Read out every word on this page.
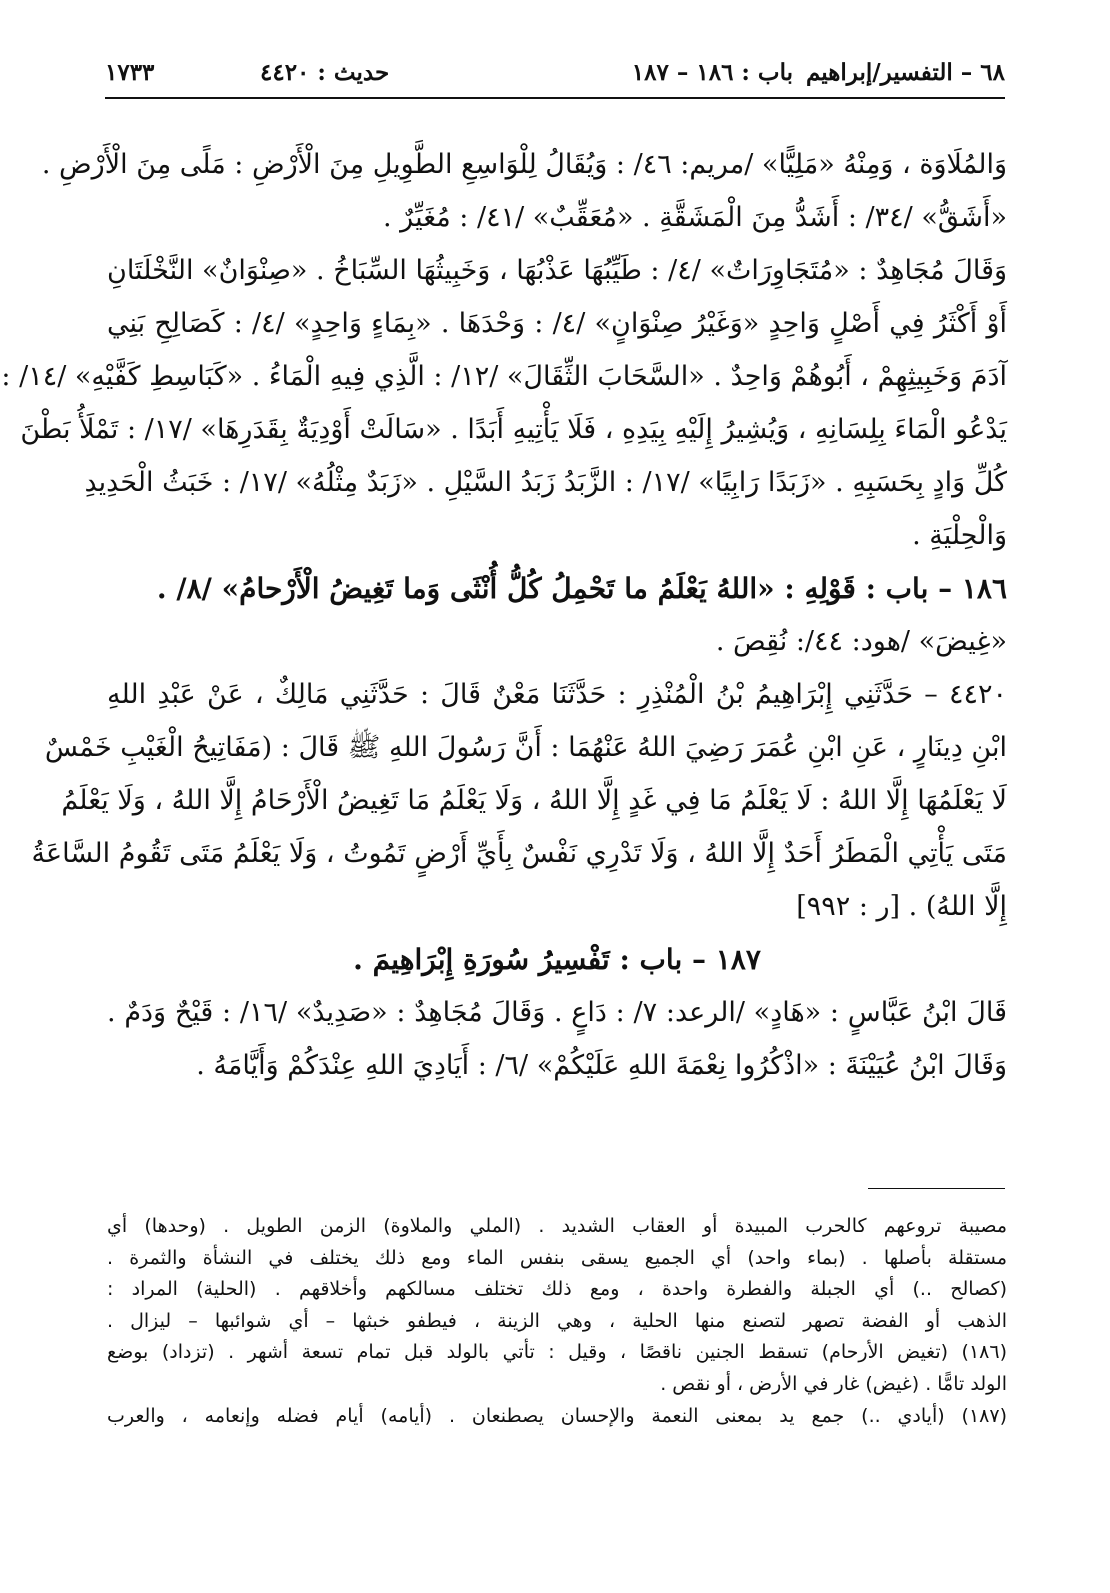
٦٨ – التفسير/إبراهيم
باب : ١٨٦ – ١٨٧
حديث : ٤٤٢٠
١٧٣٣
وَالمُلَاوَة ، وَمِنْهُ «مَلِيًّا» /مريم: ٤٦/ : وَيُقَالُ لِلْوَاسِعِ الطَّوِيلِ مِنَ الْأَرْضِ : مَلًى مِنَ الْأَرْضِ .
«أَشَقُّ» /٣٤/ : أَشَدُّ مِنَ الْمَشَقَّةِ . «مُعَقِّبٌ» /٤١/ : مُغَيِّرٌ .
وَقَالَ مُجَاهِدٌ : «مُتَجَاوِرَاتٌ» /٤/ : طَيِّبُهَا عَذْبُهَا ، وَخَبِيثُهَا السِّبَاخُ . «صِنْوَانٌ» النَّخْلَتَانِ
أَوْ أَكْثَرُ فِي أَصْلٍ وَاحِدٍ «وَغَيْرُ صِنْوَانٍ» /٤/ : وَحْدَهَا . «بِمَاءٍ وَاحِدٍ» /٤/ : كَصَالِحِ بَنِي
آدَمَ وَخَبِيثِهِمْ ، أَبُوهُمْ وَاحِدٌ . «السَّحَابَ الثِّقَالَ» /١٢/ : الَّذِي فِيهِ الْمَاءُ . «كَبَاسِطِ كَفَّيْهِ» /١٤/ :
يَدْعُو الْمَاءَ بِلِسَانِهِ ، وَيُشِيرُ إِلَيْهِ بِيَدِهِ ، فَلَا يَأْتِيهِ أَبَدًا . «سَالَتْ أَوْدِيَةٌ بِقَدَرِهَا» /١٧/ : تَمْلَأُ بَطْنَ
كُلِّ وَادٍ بِحَسَبِهِ . «زَبَدًا رَابِيًا» /١٧/ : الزَّبَدُ زَبَدُ السَّيْلِ . «زَبَدٌ مِثْلُهُ» /١٧/ : خَبَثُ الْحَدِيدِ
وَالْحِلْيَةِ .
١٨٦ – باب : قَوْلِهِ : «اللهُ يَعْلَمُ ما تَحْمِلُ كُلُّ أُنْثَى وَما تَغِيضُ الْأَرْحامُ» /٨/ .
«غِيضَ» /هود: ٤٤/: نُقِصَ .
٤٤٢٠ – حَدَّثَنِي إِبْرَاهِيمُ بْنُ الْمُنْذِرِ : حَدَّثَنَا مَعْنٌ قَالَ : حَدَّثَنِي مَالِكٌ ، عَنْ عَبْدِ اللهِ
ابْنِ دِينَارٍ ، عَنِ ابْنِ عُمَرَ رَضِيَ اللهُ عَنْهُمَا : أَنَّ رَسُولَ اللهِ ﷺ قَالَ : (مَفَاتِيحُ الْغَيْبِ خَمْسٌ
لَا يَعْلَمُهَا إِلَّا اللهُ : لَا يَعْلَمُ مَا فِي غَدٍ إِلَّا اللهُ ، وَلَا يَعْلَمُ مَا تَغِيضُ الْأَرْحَامُ إِلَّا اللهُ ، وَلَا يَعْلَمُ
مَتَى يَأْتِي الْمَطَرُ أَحَدٌ إِلَّا اللهُ ، وَلَا تَدْرِي نَفْسٌ بِأَيِّ أَرْضٍ تَمُوتُ ، وَلَا يَعْلَمُ مَتَى تَقُومُ السَّاعَةُ
إِلَّا اللهُ) . [ر : ٩٩٢]
١٨٧ – باب : تَفْسِيرُ سُورَةِ إِبْرَاهِيمَ .
قَالَ ابْنُ عَبَّاسٍ : «هَادٍ» /الرعد: ٧/ : دَاعٍ . وَقَالَ مُجَاهِدٌ : «صَدِيدٌ» /١٦/ : قَيْحٌ وَدَمٌ .
وَقَالَ ابْنُ عُيَيْنَةَ : «اذْكُرُوا نِعْمَةَ اللهِ عَلَيْكُمْ» /٦/ : أَيَادِيَ اللهِ عِنْدَكُمْ وَأَيَّامَهُ .
مصيبة تروعهم كالحرب المبيدة أو العقاب الشديد . (الملي والملاوة) الزمن الطويل . (وحدها) أي
مستقلة بأصلها . (بماء واحد) أي الجميع يسقى بنفس الماء ومع ذلك يختلف في النشأة والثمرة .
(كصالح ..) أي الجبلة والفطرة واحدة ، ومع ذلك تختلف مسالكهم وأخلاقهم . (الحلية) المراد :
الذهب أو الفضة تصهر لتصنع منها الحلية ، وهي الزينة ، فيطفو خبثها – أي شوائبها – ليزال .
(١٨٦) (تغيض الأرحام) تسقط الجنين ناقصًا ، وقيل : تأتي بالولد قبل تمام تسعة أشهر . (تزداد) بوضع
الولد تامًّا . (غيض) غار في الأرض ، أو نقص .
(١٨٧) (أيادي ..) جمع يد بمعنى النعمة والإحسان يصطنعان . (أيامه) أيام فضله وإنعامه ، والعرب
